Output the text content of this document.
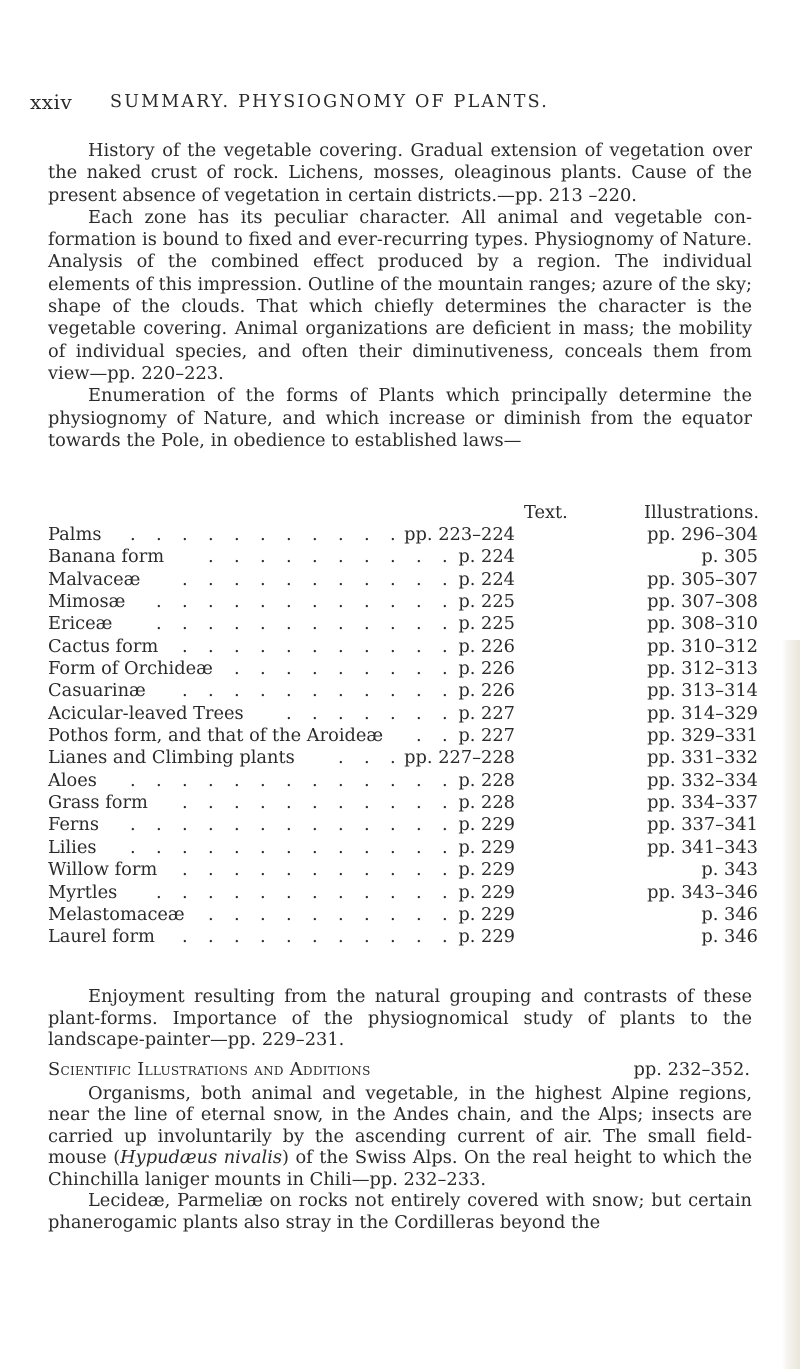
xxiv SUMMARY. PHYSIOGNOMY OF PLANTS.

History of the vegetable covering. Gradual extension of vegetation over the naked crust of rock. Lichens, mosses, oleaginous plants. Cause of the present absence of vegetation in certain districts.—pp. 213 –220.

Each zone has its peculiar character. All animal and vegetable conformation is bound to fixed and ever-recurring types. Physiognomy of Nature. Analysis of the combined effect produced by a region. The individual elements of this impression. Outline of the mountain ranges; azure of the sky; shape of the clouds. That which chiefly determines the character is the vegetable covering. Animal organizations are deficient in mass; the mobility of individual species, and often their diminutiveness, conceals them from view—pp. 220–223.

Enumeration of the forms of Plants which principally determine the physiognomy of Nature, and which increase or diminish from the equator towards the Pole, in obedience to established laws—

Text.	Illustrations.
Palms	pp. 223–224	pp. 296–304
. . . . . . . . . . .
Banana form	p. 224	p. 305
. . . . . . . . . .
Malvaceæ	p. 224	pp. 305–307
. . . . . . . . . . .
Mimosæ	p. 225	pp. 307–308
. . . . . . . . . . . .
Ericeæ	p. 225	pp. 308–310
. . . . . . . . . . . .
Cactus form	p. 226	pp. 310–312
. . . . . . . . . . .
Form of Orchideæ	p. 226	pp. 312–313
. . . . . . . . .
Casuarinæ	p. 226	pp. 313–314
. . . . . . . . . . .
Acicular-leaved Trees	p. 227	pp. 314–329
. . . . . . .
Pothos form, and that of the Aroideæ	p. 227	pp. 329–331
. .
Lianes and Climbing plants	pp. 227–228	pp. 331–332
. . .
Aloes	p. 228	pp. 332–334
. . . . . . . . . . . . .
Grass form	p. 228	pp. 334–337
. . . . . . . . . . .
Ferns	p. 229	pp. 337–341
. . . . . . . . . . . . .
Lilies	p. 229	pp. 341–343
. . . . . . . . . . . . .
Willow form	p. 229	p. 343
. . . . . . . . . . .
Myrtles	p. 229	pp. 343–346
. . . . . . . . . . . .
Melastomaceæ	p. 229	p. 346
. . . . . . . . . .
Laurel form	p. 229	p. 346
. . . . . . . . . . .

Enjoyment resulting from the natural grouping and contrasts of these plant-forms. Importance of the physiognomical study of plants to the landscape-painter—pp. 229–231.

Scientific Illustrations and Additions	pp. 232–352.

Organisms, both animal and vegetable, in the highest Alpine regions, near the line of eternal snow, in the Andes chain, and the Alps; insects are carried up involuntarily by the ascending current of air. The small field-mouse (Hypudæus nivalis) of the Swiss Alps. On the real height to which the Chinchilla laniger mounts in Chili—pp. 232–233.

Lecideæ, Parmeliæ on rocks not entirely covered with snow; but certain phanerogamic plants also stray in the Cordilleras beyond the
